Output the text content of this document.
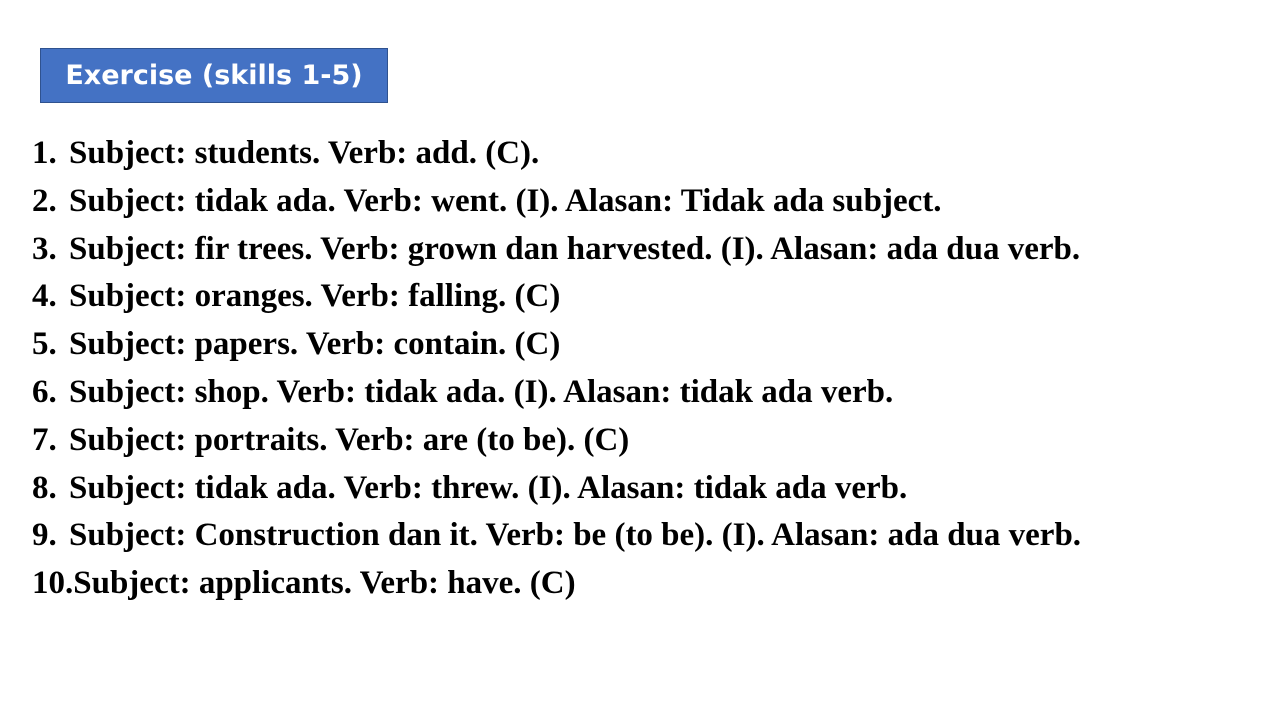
Exercise (skills 1-5)
1. Subject: students. Verb: add. (C).
2. Subject: tidak ada. Verb: went. (I). Alasan: Tidak ada subject.
3. Subject: fir trees. Verb: grown dan harvested. (I). Alasan: ada dua verb.
4. Subject: oranges. Verb: falling. (C)
5. Subject: papers. Verb: contain. (C)
6. Subject: shop. Verb: tidak ada. (I). Alasan: tidak ada verb.
7. Subject: portraits. Verb: are (to be). (C)
8. Subject: tidak ada. Verb: threw. (I). Alasan: tidak ada verb.
9. Subject: Construction dan it. Verb: be (to be). (I). Alasan: ada dua verb.
10. Subject: applicants. Verb: have. (C)
